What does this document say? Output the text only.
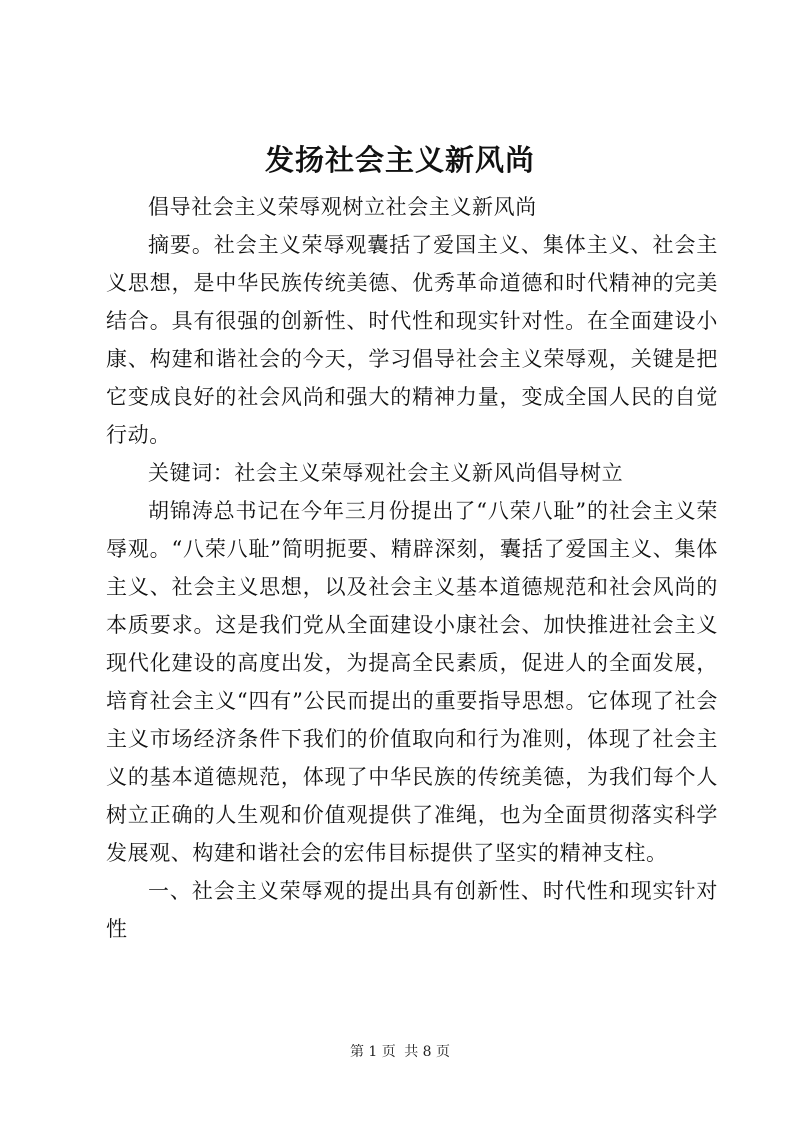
发扬社会主义新风尚

倡导社会主义荣辱观树立社会主义新风尚

摘要。社会主义荣辱观囊括了爱国主义、集体主义、社会主义思想，是中华民族传统美德、优秀革命道德和时代精神的完美结合。具有很强的创新性、时代性和现实针对性。在全面建设小康、构建和谐社会的今天，学习倡导社会主义荣辱观，关键是把它变成良好的社会风尚和强大的精神力量，变成全国人民的自觉行动。

关键词：社会主义荣辱观社会主义新风尚倡导树立

胡锦涛总书记在今年三月份提出了“八荣八耻”的社会主义荣辱观。“八荣八耻”简明扼要、精辟深刻，囊括了爱国主义、集体主义、社会主义思想，以及社会主义基本道德规范和社会风尚的本质要求。这是我们党从全面建设小康社会、加快推进社会主义现代化建设的高度出发，为提高全民素质，促进人的全面发展，培育社会主义“四有”公民而提出的重要指导思想。它体现了社会主义市场经济条件下我们的价值取向和行为准则，体现了社会主义的基本道德规范，体现了中华民族的传统美德，为我们每个人树立正确的人生观和价值观提供了准绳，也为全面贯彻落实科学发展观、构建和谐社会的宏伟目标提供了坚实的精神支柱。

一、社会主义荣辱观的提出具有创新性、时代性和现实针对性

第 1 页 共 8 页
